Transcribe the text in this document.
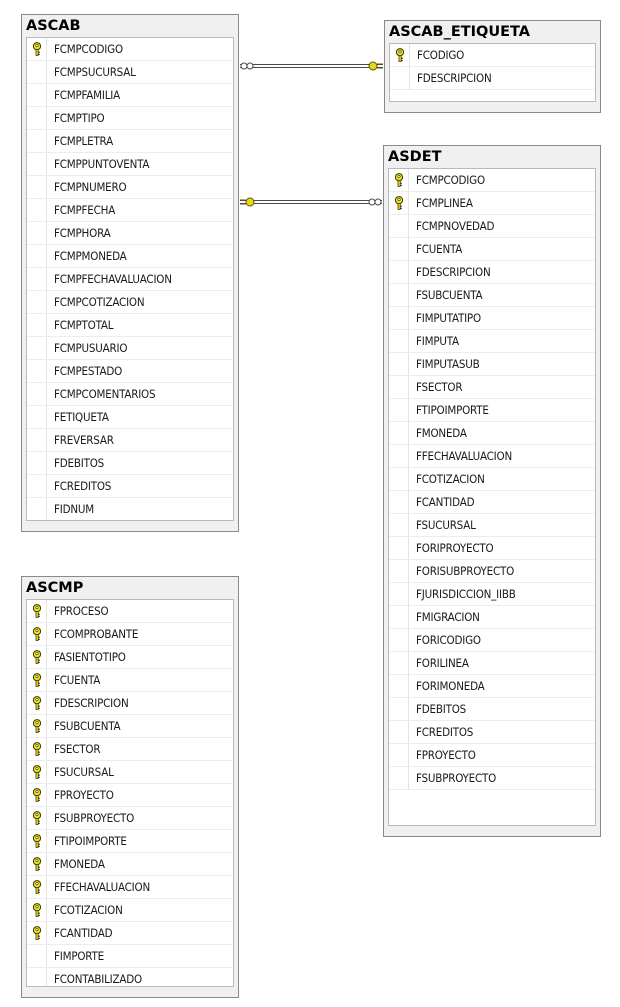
ASCAB
FCMPCODIGO
FCMPSUCURSAL
FCMPFAMILIA
FCMPTIPO
FCMPLETRA
FCMPPUNTOVENTA
FCMPNUMERO
FCMPFECHA
FCMPHORA
FCMPMONEDA
FCMPFECHAVALUACION
FCMPCOTIZACION
FCMPTOTAL
FCMPUSUARIO
FCMPESTADO
FCMPCOMENTARIOS
FETIQUETA
FREVERSAR
FDEBITOS
FCREDITOS
FIDNUM
ASCAB_ETIQUETA
FCODIGO
FDESCRIPCION
ASDET
FCMPCODIGO
FCMPLINEA
FCMPNOVEDAD
FCUENTA
FDESCRIPCION
FSUBCUENTA
FIMPUTATIPO
FIMPUTA
FIMPUTASUB
FSECTOR
FTIPOIMPORTE
FMONEDA
FFECHAVALUACION
FCOTIZACION
FCANTIDAD
FSUCURSAL
FORIPROYECTO
FORISUBPROYECTO
FJURISDICCION_IIBB
FMIGRACION
FORICODIGO
FORILINEA
FORIMONEDA
FDEBITOS
FCREDITOS
FPROYECTO
FSUBPROYECTO
ASCMP
FPROCESO
FCOMPROBANTE
FASIENTOTIPO
FCUENTA
FDESCRIPCION
FSUBCUENTA
FSECTOR
FSUCURSAL
FPROYECTO
FSUBPROYECTO
FTIPOIMPORTE
FMONEDA
FFECHAVALUACION
FCOTIZACION
FCANTIDAD
FIMPORTE
FCONTABILIZADO
